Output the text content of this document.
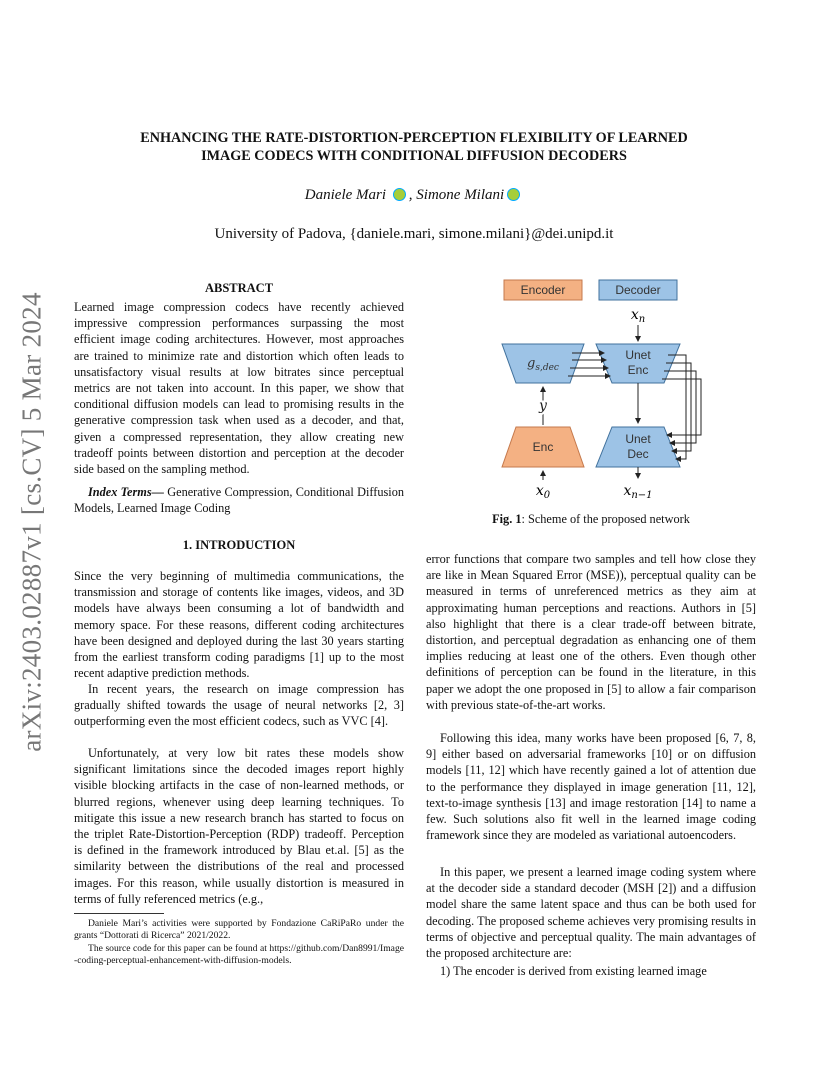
arXiv:2403.02887v1 [cs.CV] 5 Mar 2024
ENHANCING THE RATE-DISTORTION-PERCEPTION FLEXIBILITY OF LEARNED
IMAGE CODECS WITH CONDITIONAL DIFFUSION DECODERS
Daniele Mari , Simone Milani
University of Padova, {daniele.mari, simone.milani}@dei.unipd.it
ABSTRACT
Learned image compression codecs have recently achieved impressive compression performances surpassing the most efficient image coding architectures. However, most approaches are trained to minimize rate and distortion which often leads to unsatisfactory visual results at low bitrates since perceptual metrics are not taken into account. In this paper, we show that conditional diffusion models can lead to promising results in the generative compression task when used as a decoder, and that, given a compressed representation, they allow creating new tradeoff points between distortion and perception at the decoder side based on the sampling method.
Index Terms— Generative Compression, Conditional Diffusion Models, Learned Image Coding
1. INTRODUCTION
Since the very beginning of multimedia communications, the transmission and storage of contents like images, videos, and 3D models have always been consuming a lot of bandwidth and memory space. For these reasons, different coding architectures have been designed and deployed during the last 30 years starting from the earliest transform coding paradigms [1] up to the most recent adaptive prediction methods.
In recent years, the research on image compression has gradually shifted towards the usage of neural networks [2, 3] outperforming even the most efficient codecs, such as VVC [4].
Unfortunately, at very low bit rates these models show significant limitations since the decoded images report highly visible blocking artifacts in the case of non-learned methods, or blurred regions, whenever using deep learning techniques. To mitigate this issue a new research branch has started to focus on the triplet Rate-Distortion-Perception (RDP) tradeoff. Perception is defined in the framework introduced by Blau et.al. [5] as the similarity between the distributions of the real and processed images. For this reason, while usually distortion is measured in terms of fully referenced metrics (e.g.,
Daniele Mari’s activities were supported by Fondazione CaRiPaRo under the grants “Dottorati di Ricerca” 2021/2022.
The source code for this paper can be found at https://github.com/Dan8991/Image-coding-perceptual-enhancement-with-diffusion-models.
Encoder	Decoder
$x_n$
$g_{s,dec}$
Unet
Enc
y
Enc
$x_0$
Unet
Dec
$x_{n-1}$
Fig. 1: Scheme of the proposed network
error functions that compare two samples and tell how close they are like in Mean Squared Error (MSE)), perceptual quality can be measured in terms of unreferenced metrics as they aim at approximating human perceptions and reactions. Authors in [5] also highlight that there is a clear trade-off between bitrate, distortion, and perceptual degradation as enhancing one of them implies reducing at least one of the others. Even though other definitions of perception can be found in the literature, in this paper we adopt the one proposed in [5] to allow a fair comparison with previous state-of-the-art works.
Following this idea, many works have been proposed [6, 7, 8, 9] either based on adversarial frameworks [10] or on diffusion models [11, 12] which have recently gained a lot of attention due to the performance they displayed in image generation [11, 12], text-to-image synthesis [13] and image restoration [14] to name a few. Such solutions also fit well in the learned image coding framework since they are modeled as variational autoencoders.
In this paper, we present a learned image coding system where at the decoder side a standard decoder (MSH [2]) and a diffusion model share the same latent space and thus can be both used for decoding. The proposed scheme achieves very promising results in terms of objective and perceptual quality. The main advantages of the proposed architecture are:
1) The encoder is derived from existing learned image
